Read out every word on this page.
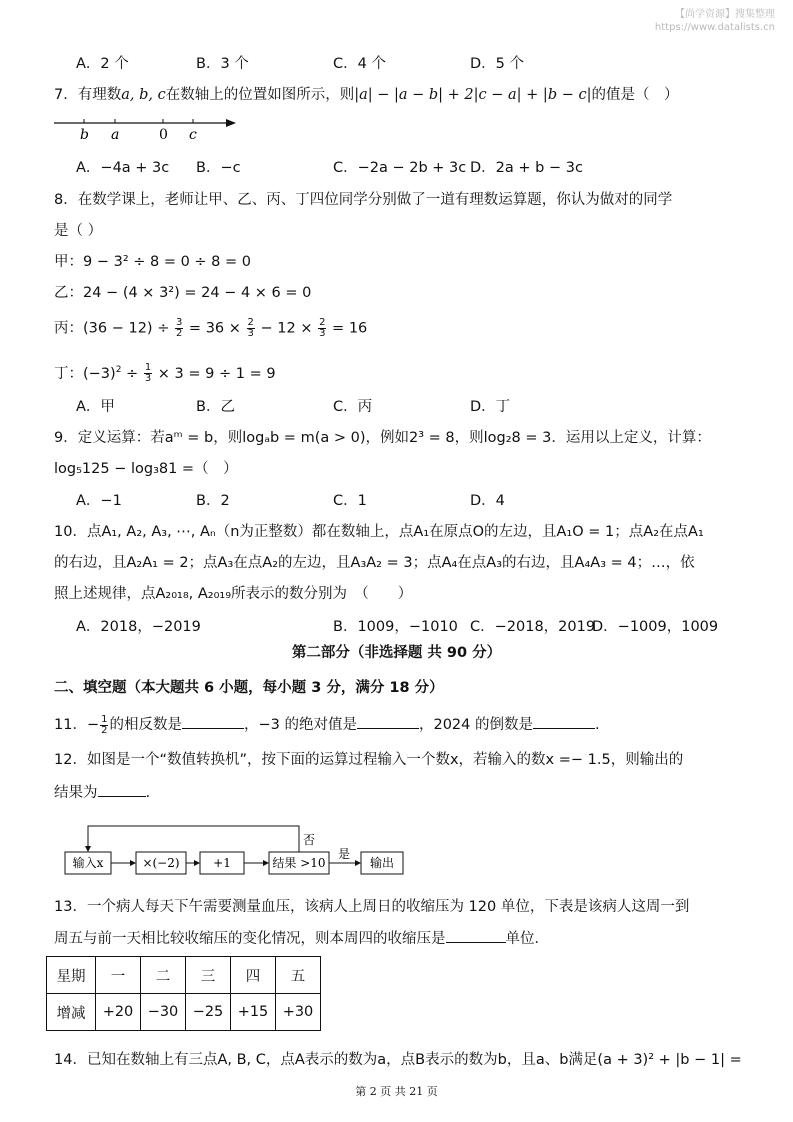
【尚学资源】搜集整理
https://www.datalists.cn
A．2 个	B．3 个	C．4 个	D．5 个
7．有理数a, b, c在数轴上的位置如图所示，则|a| − |a − b| + 2|c − a| + |b − c|的值是（　）
b a	0 c
A．−4a + 3c B．−c	C．−2a − 2b + 3c D．2a + b − 3c
8．在数学课上，老师让甲、乙、丙、丁四位同学分别做了一道有理数运算题，你认为做对的同学
是（ ）
甲：9 − 3² ÷ 8 = 0 ÷ 8 = 0
乙：24 − (4 × 3²) = 24 − 4 × 6 = 0
丙：$(36 - 12) \div \frac{3}{2} = 36 \times \frac{2}{3} - 12 \times \frac{2}{3} = 16$
丁：$(-3)^2 \div \frac{1}{3} \times 3 = 9 \div 1 = 9$
A．甲	B．乙	C．丙	D．丁
9．定义运算：若aᵐ = b，则logₐb = m(a > 0)，例如2³ = 8，则log₂8 = 3．运用以上定义，计算：
log₅125 − log₃81 =（　）
A．−1	B．2	C．1	D．4
10．点A₁, A₂, A₃, ⋯, Aₙ（n为正整数）都在数轴上，点A₁在原点O的左边，且A₁O = 1；点A₂在点A₁
的右边，且A₂A₁ = 2；点A₃在点A₂的左边，且A₃A₂ = 3；点A₄在点A₃的右边，且A₄A₃ = 4；…，依
照上述规律，点A₂₀₁₈, A₂₀₁₉所表示的数分别为　（　　）
A．2018，−2019	B．1009，−1010 C．−2018，2019
D．−1009，1009
第二部分（非选择题 共 90 分）
二、填空题（本大题共 6 小题，每小题 3 分，满分 18 分）
11．− $\frac{1}{2}$ 的相反数是	，−3 的绝对值是	，2024 的倒数是	.
12．如图是一个“数值转换机”，按下面的运算过程输入一个数x，若输入的数x =− 1.5，则输出的
结果为	.
输入x	×(−2)	+1	结果 >10
是
输出
否
13．一个病人每天下午需要测量血压，该病人上周日的收缩压为 120 单位，下表是该病人这周一到
周五与前一天相比较收缩压的变化情况，则本周四的收缩压是	单位．
星期	一	二	三	四	五
增减	+20	−30	−25	+15	+30
14．已知在数轴上有三点A, B, C，点A表示的数为a，点B表示的数为b，且a、b满足(a + 3)² + |b − 1| =
第 2 页 共 21 页
